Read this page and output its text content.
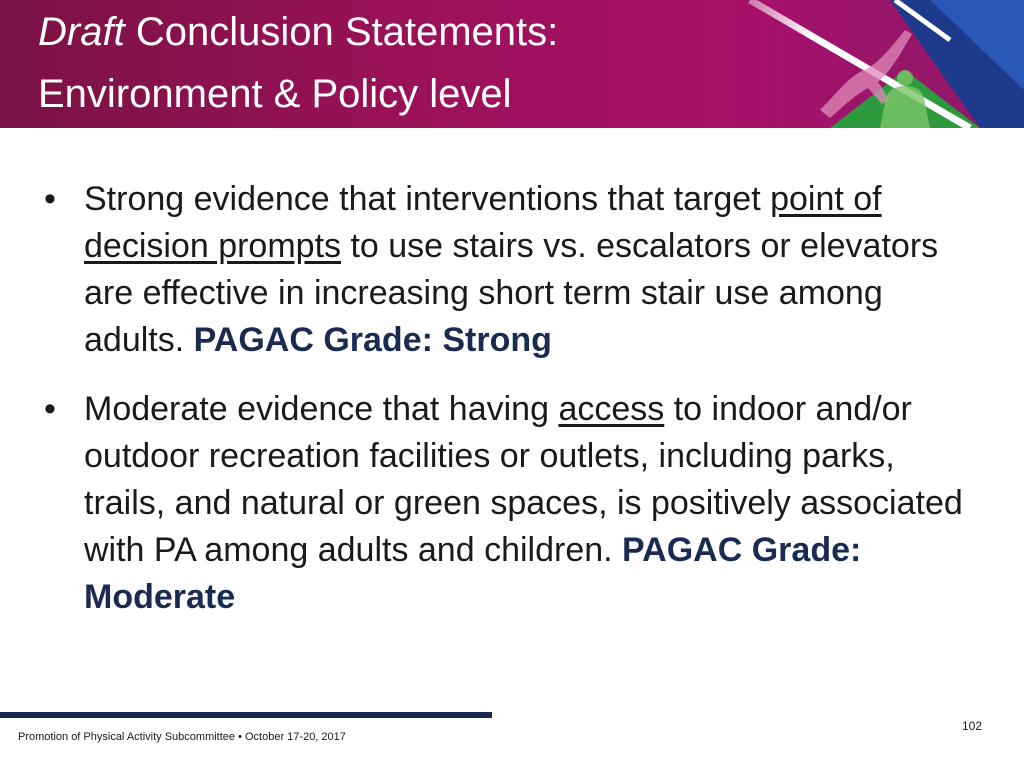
Draft Conclusion Statements:
Environment & Policy level
• Strong evidence that interventions that target point of decision prompts to use stairs vs. escalators or elevators are effective in increasing short term stair use among adults. PAGAC Grade: Strong
• Moderate evidence that having access to indoor and/or outdoor recreation facilities or outlets, including parks, trails, and natural or green spaces, is positively associated with PA among adults and children. PAGAC Grade: Moderate
Promotion of Physical Activity Subcommittee • October 17-20, 2017
102
